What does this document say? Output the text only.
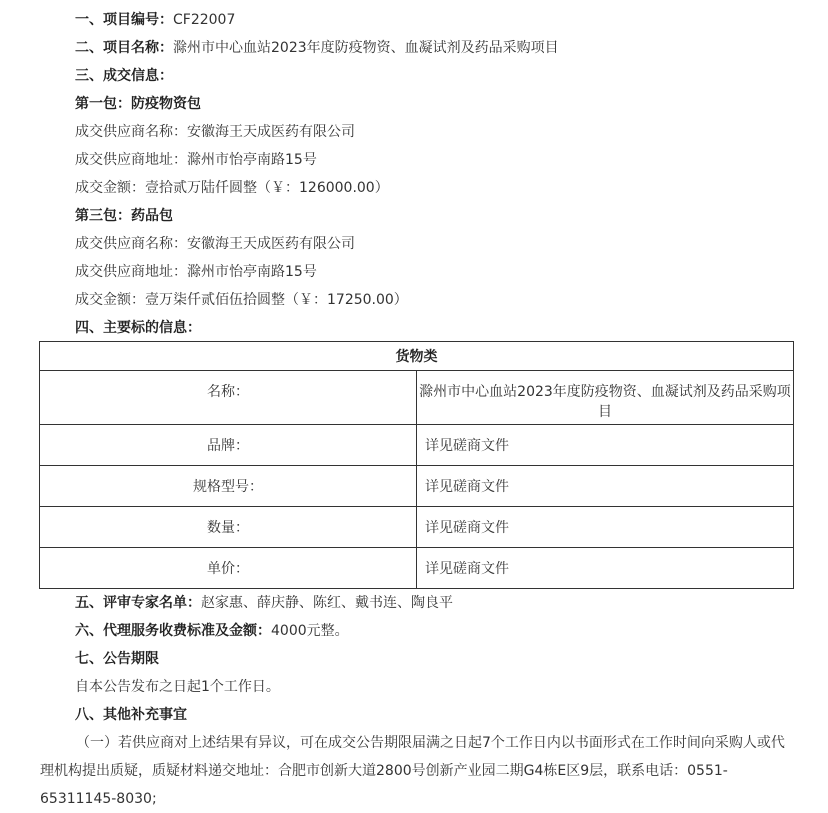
一、项目编号：CF22007
二、项目名称：滁州市中心血站2023年度防疫物资、血凝试剂及药品采购项目
三、成交信息：
第一包：防疫物资包
成交供应商名称：安徽海王天成医药有限公司
成交供应商地址：滁州市怡亭南路15号
成交金额：壹拾贰万陆仟圆整（￥：126000.00）
第三包：药品包
成交供应商名称：安徽海王天成医药有限公司
成交供应商地址：滁州市怡亭南路15号
成交金额：壹万柒仟贰佰伍拾圆整（￥：17250.00）
四、主要标的信息：
货物类	
名称：	滁州市中心血站2023年度防疫物资、血凝试剂及药品采购项目
品牌：	详见磋商文件
规格型号：	详见磋商文件
数量：	详见磋商文件
单价：	详见磋商文件
五、评审专家名单：赵家惠、薛庆静、陈红、戴书连、陶良平
六、代理服务收费标准及金额：4000元整。
七、公告期限
自本公告发布之日起1个工作日。
八、其他补充事宜
（一）若供应商对上述结果有异议，可在成交公告期限届满之日起7个工作日内以书面形式在工作时间向采购人或代理机构提出质疑，质疑材料递交地址：合肥市创新大道2800号创新产业园二期G4栋E区9层，联系电话：0551-65311145-8030;
